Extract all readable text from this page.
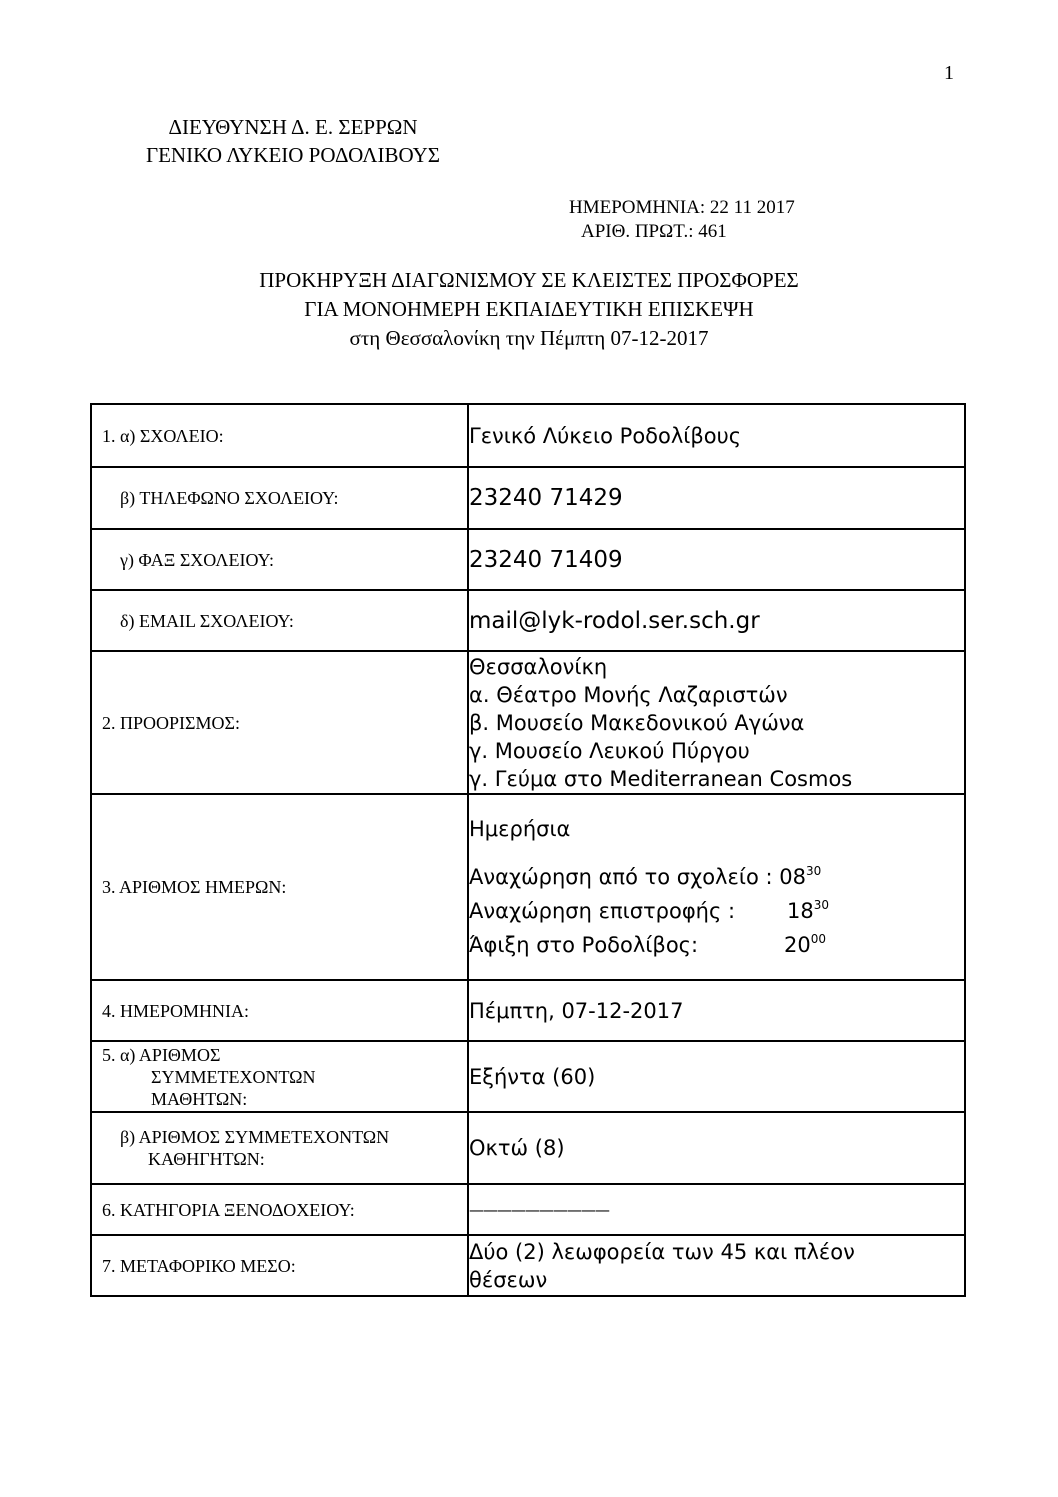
1
ΔΙΕΥΘΥΝΣΗ Δ. Ε. ΣΕΡΡΩΝ
ΓΕΝΙΚΟ ΛΥΚΕΙΟ ΡΟΔΟΛΙΒΟΥΣ
ΗΜΕΡΟΜΗΝΙΑ: 22 11 2017
ΑΡΙΘ. ΠΡΩΤ.: 461
ΠΡΟΚΗΡΥΞΗ ΔΙΑΓΩΝΙΣΜΟΥ ΣΕ ΚΛΕΙΣΤΕΣ ΠΡΟΣΦΟΡΕΣ
ΓΙΑ ΜΟΝΟΗΜΕΡΗ ΕΚΠΑΙΔΕΥΤΙΚΗ ΕΠΙΣΚΕΨΗ
στη Θεσσαλονίκη την Πέμπτη 07-12-2017
1. α) ΣΧΟΛΕΙΟ:	Γενικό Λύκειο Ροδολίβους

β) ΤΗΛΕΦΩΝΟ ΣΧΟΛΕΙΟΥ:	23240 71429

γ) ΦΑΞ ΣΧΟΛΕΙΟΥ:	23240 71409

δ) EMAIL ΣΧΟΛΕΙΟΥ:	mail@lyk-rodol.ser.sch.gr

2. ΠΡΟΟΡΙΣΜΟΣ:	Θεσσαλονίκη
α. Θέατρο Μονής Λαζαριστών
β. Μουσείο Μακεδονικού Αγώνα
γ. Μουσείο Λευκού Πύργου
γ. Γεύμα στο Mediterranean Cosmos

3. ΑΡΙΘΜΟΣ ΗΜΕΡΩΝ:	Ημερήσια
Αναχώρηση από το σχολείο : $08^{30}$
Αναχώρηση επιστροφής : $18^{30}$
Άφιξη στο Ροδολίβος: $20^{00}$

4. ΗΜΕΡΟΜΗΝΙΑ:	Πέμπτη, 07-12-2017

5. α) ΑΡΙΘΜΟΣ
ΣΥΜΜΕΤΕΧΟΝΤΩΝ
ΜΑΘΗΤΩΝ:	Εξήντα (60)

β) ΑΡΙΘΜΟΣ ΣΥΜΜΕΤΕΧΟΝΤΩΝ
ΚΑΘΗΓΗΤΩΝ:	Οκτώ (8)

6. ΚΑΤΗΓΟΡΙΑ ΞΕΝΟΔΟΧΕΙΟΥ:	——————————

7. ΜΕΤΑΦΟΡΙΚΟ ΜΕΣΟ:	Δύο (2) λεωφορεία των 45 και πλέον
θέσεων
